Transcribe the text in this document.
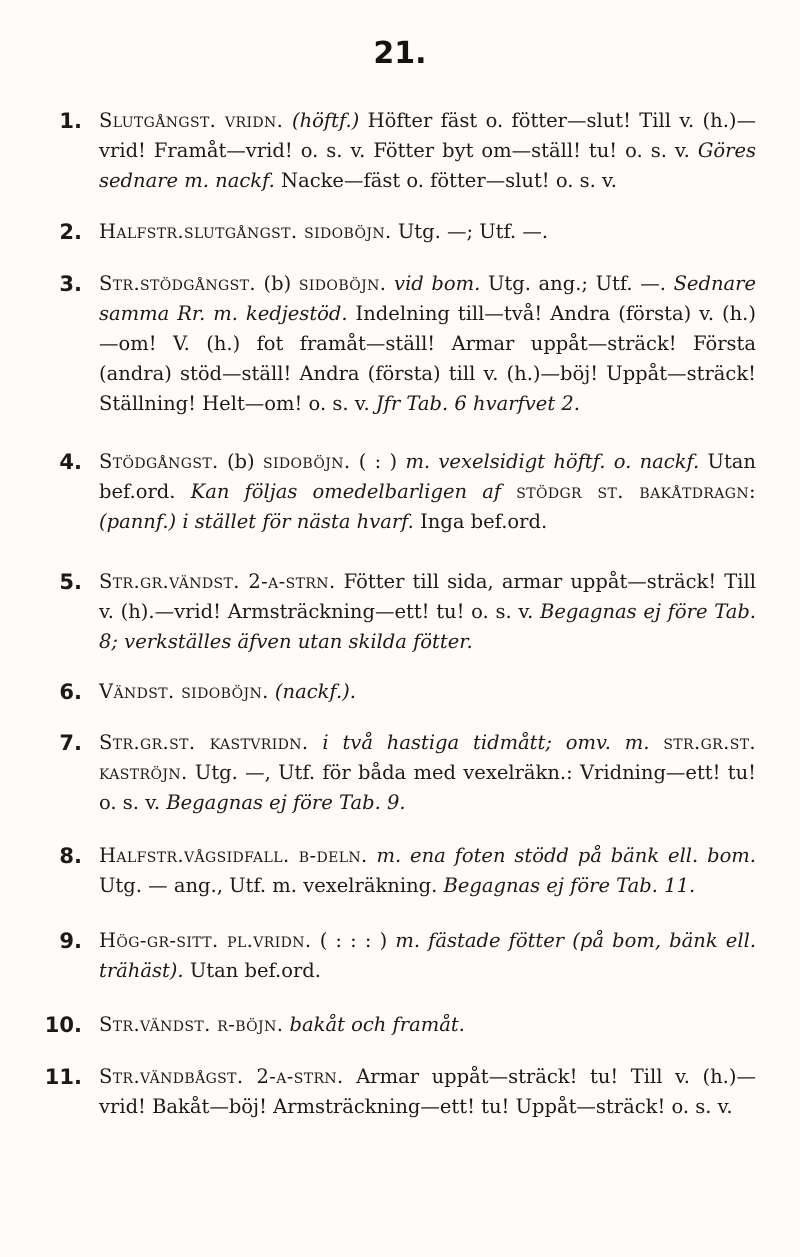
21.
1. Slutgångst. vridn. (höftf.) Höfter fäst o. fötter—slut! Till v. (h.)—vrid! Framåt—vrid! o. s. v. Fötter byt om—ställ! tu! o. s. v. Göres sednare m. nackf. Nacke—fäst o. fötter—slut! o. s. v.
2. Halfstr.slutgångst. sidoböjn. Utg. —; Utf. —.
3. Str.stödgångst. (b) sidoböjn. vid bom. Utg. ang.; Utf. —. Sednare samma Rr. m. kedjestöd. Indelning till—två! Andra (första) v. (h.)—om! V. (h.) fot framåt—ställ! Armar uppåt—sträck! Första (andra) stöd—ställ! Andra (första) till v. (h.)—böj! Uppåt—sträck! Ställning! Helt—om! o. s. v. Jfr Tab. 6 hvarfvet 2.
4. Stödgångst. (b) sidoböjn. ( : ) m. vexelsidigt höftf. o. nackf. Utan bef.ord. Kan följas omedelbarligen af stödgr st. bakåtdragn: (pannf.) i stället för nästa hvarf. Inga bef.ord.
5. Str.gr.vändst. 2-a-strn. Fötter till sida, armar uppåt—sträck! Till v. (h).—vrid! Armsträckning—ett! tu! o. s. v. Begagnas ej före Tab. 8; verkställes äfven utan skilda fötter.
6. Vändst. sidoböjn. (nackf.).
7. Str.gr.st. kastvridn. i två hastiga tidmått; omv. m. str.gr.st. kaströjn. Utg. —, Utf. för båda med vexelräkn.: Vridning—ett! tu! o. s. v. Begagnas ej före Tab. 9.
8. Halfstr.vågsidfall. b-deln. m. ena foten stödd på bänk ell. bom. Utg. — ang., Utf. m. vexelräkning. Begagnas ej före Tab. 11.
9. Hög-gr-sitt. pl.vridn. ( : : : ) m. fästade fötter (på bom, bänk ell. trähäst). Utan bef.ord.
10. Str.vändst. r-böjn. bakåt och framåt.
11. Str.vändbågst. 2-a-strn. Armar uppåt—sträck! tu! Till v. (h.)—vrid! Bakåt—böj! Armsträckning—ett! tu! Uppåt—sträck! o. s. v.
